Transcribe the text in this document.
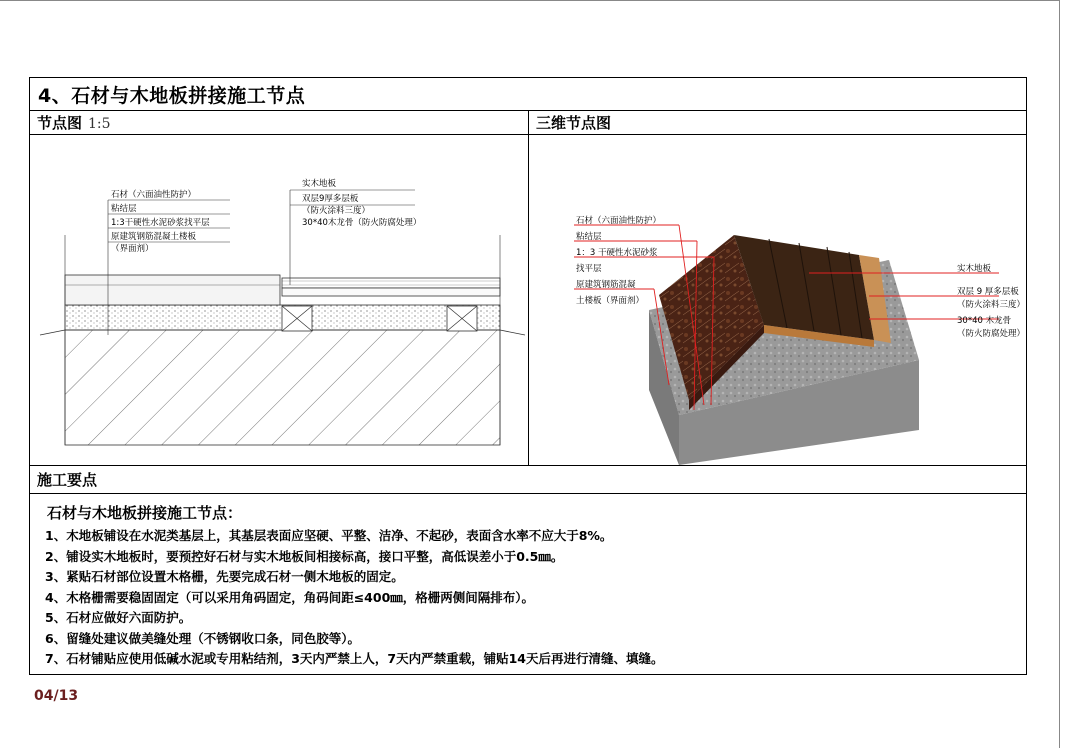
4、石材与木地板拼接施工节点
节点图 1:5	三维节点图
石材（六面油性防护）
粘结层
1:3干硬性水泥砂浆找平层
原建筑钢筋混凝土楼板
（界面剂）
实木地板
双层9厚多层板
（防火涂料三度）
30*40木龙骨（防火防腐处理）	石材（六面油性防护）
粘结层
1：3 干硬性水泥砂浆
找平层
原建筑钢筋混凝
土楼板（界面剂）
实木地板
双层 9 厚多层板
（防火涂料三度）
30*40 木龙骨
（防火防腐处理）
施工要点
石材与木地板拼接施工节点：
1、木地板铺设在水泥类基层上，其基层表面应坚硬、平整、洁净、不起砂，表面含水率不应大于8%。
2、铺设实木地板时，要预控好石材与实木地板间相接标高，接口平整，高低误差小于0.5㎜。
3、紧贴石材部位设置木格栅，先要完成石材一侧木地板的固定。
4、木格栅需要稳固固定（可以采用角码固定，角码间距≤400㎜，格栅两侧间隔排布）。
5、石材应做好六面防护。
6、留缝处建议做美缝处理（不锈钢收口条，同色胶等）。
7、石材铺贴应使用低碱水泥或专用粘结剂，3天内严禁上人，7天内严禁重载，铺贴14天后再进行清缝、填缝。
04/13
